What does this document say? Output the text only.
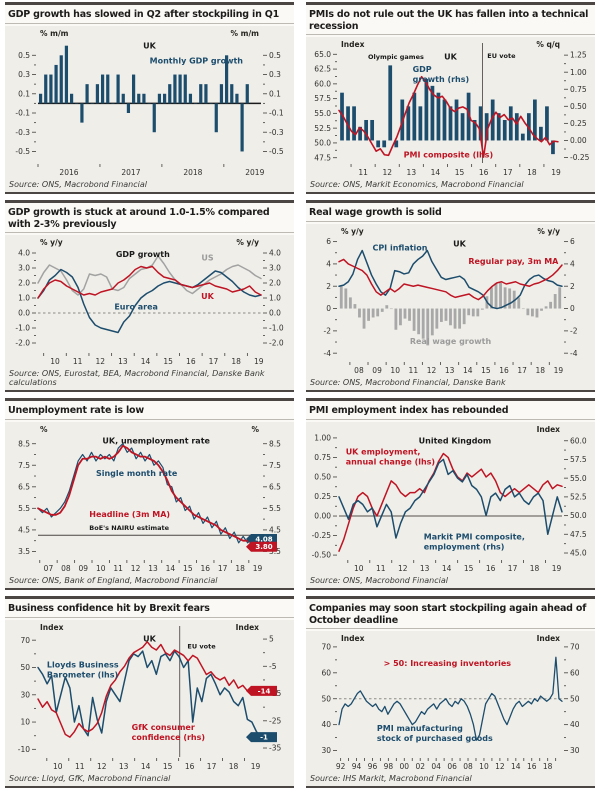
GDP growth has slowed in Q2 after stockpiling in Q1

Source: ONS, Macrobond Financial

PMIs do not rule out the UK has fallen into a technical recession

Source: ONS, Markit Economics, Macrobond Financial

GDP growth is stuck at around 1.0-1.5% compared with 2-3% previously

Source: ONS, Eurostat, BEA, Macrobond Financial, Danske Bank calculations

Real wage growth is solid

Source: ONS, Macrobond Financial, Danske Bank

Unemployment rate is low

Source: ONS, Bank of England, Macrobond Financial

PMI employment index has rebounded

Source: ONS, Macrobond Financial

Business confidence hit by Brexit fears

Source: Lloyd, GfK, Macrobond Financial

Companies may soon start stockpiling again ahead of October deadline

Source: IHS Markit, Macrobond Financial
